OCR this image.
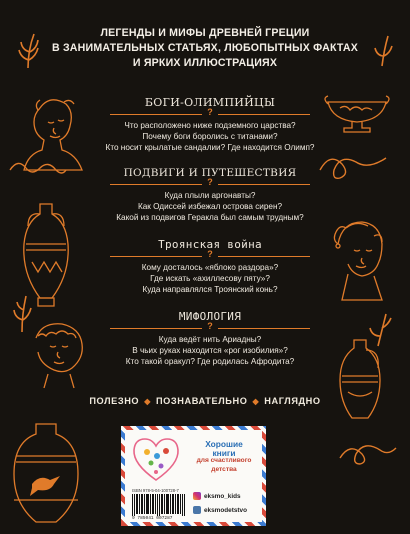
ЛЕГЕНДЫ И МИФЫ ДРЕВНЕЙ ГРЕЦИИ
В ЗАНИМАТЕЛЬНЫХ СТАТЬЯХ, ЛЮБОПЫТНЫХ ФАКТАХ
И ЯРКИХ ИЛЛЮСТРАЦИЯХ
БОГИ-ОЛИМПИЙЦЫ
?
Что расположено ниже подземного царства?
Почему боги боролись с титанами?
Кто носит крылатые сандалии? Где находится Олимп?
ПОДВИГИ И ПУТЕШЕСТВИЯ
?
Куда плыли аргонавты?
Как Одиссей избежал острова сирен?
Какой из подвигов Геракла был самым трудным?
Троянская война
?
Кому досталось «яблоко раздора»?
Где искать «ахиллесову пяту»?
Куда направлялся Троянский конь?
МИФОЛОГИЯ
?
Куда ведёт нить Ариадны?
В чьих руках находится «рог изобилия»?
Кто такой оракул? Где родилась Афродита?
ПОЛЕЗНО ◆ ПОЗНАВАТЕЛЬНО ◆ НАГЛЯДНО
Хорошие
книги
для счастливого
детства
ISBN 978-5-04-100728-7
9 785041 007287
eksmo_kids
eksmodetstvo
